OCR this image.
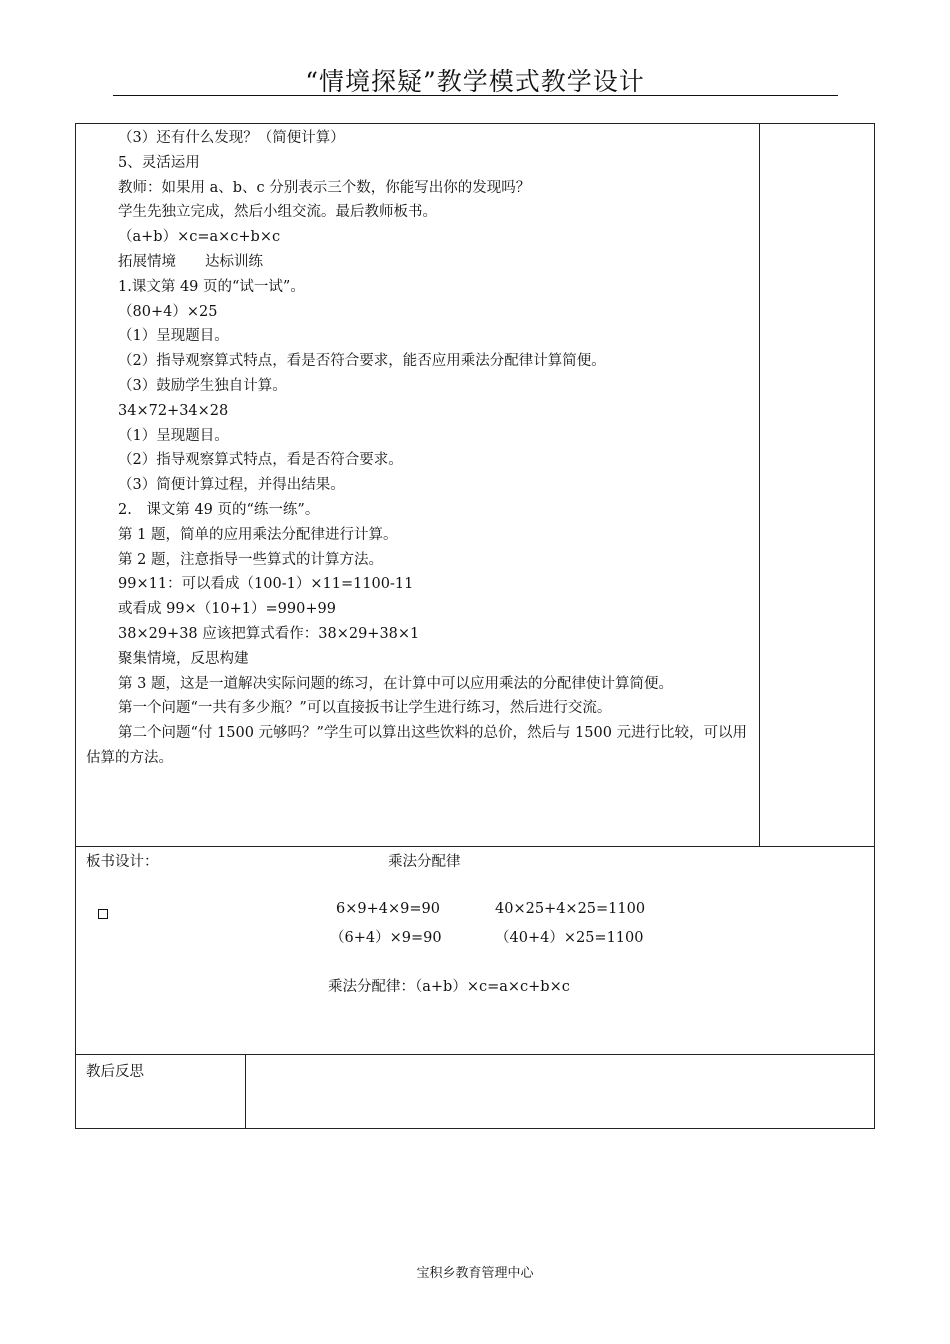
“情境探疑”教学模式教学设计
（3）还有什么发现？（简便计算）
5、灵活运用
教师：如果用 a、b、c 分别表示三个数，你能写出你的发现吗？
学生先独立完成，然后小组交流。最后教师板书。
（a+b）×c=a×c+b×c
拓展情境　　达标训练
1.课文第 49 页的“试一试”。
（80+4）×25
（1）呈现题目。
（2）指导观察算式特点，看是否符合要求，能否应用乘法分配律计算简便。
（3）鼓励学生独自计算。
34×72+34×28
（1）呈现题目。
（2）指导观察算式特点，看是否符合要求。
（3）简便计算过程，并得出结果。
2.　课文第 49 页的“练一练”。
第 1 题，简单的应用乘法分配律进行计算。
第 2 题，注意指导一些算式的计算方法。
99×11：可以看成（100-1）×11=1100-11
或看成 99×（10+1）=990+99
38×29+38 应该把算式看作：38×29+38×1
聚集情境，反思构建
第 3 题，这是一道解决实际问题的练习，在计算中可以应用乘法的分配律使计算简便。
第一个问题“一共有多少瓶？”可以直接扳书让学生进行练习，然后进行交流。
第二个问题“付 1500 元够吗？”学生可以算出这些饮料的总价，然后与 1500 元进行比较，可以用估算的方法。
板书设计：	乘法分配律
6×9+4×9=90	40×25+4×25=1100
（6+4）×9=90	（40+4）×25=1100
乘法分配律：（a+b）×c=a×c+b×c
教后反思
宝积乡教育管理中心
